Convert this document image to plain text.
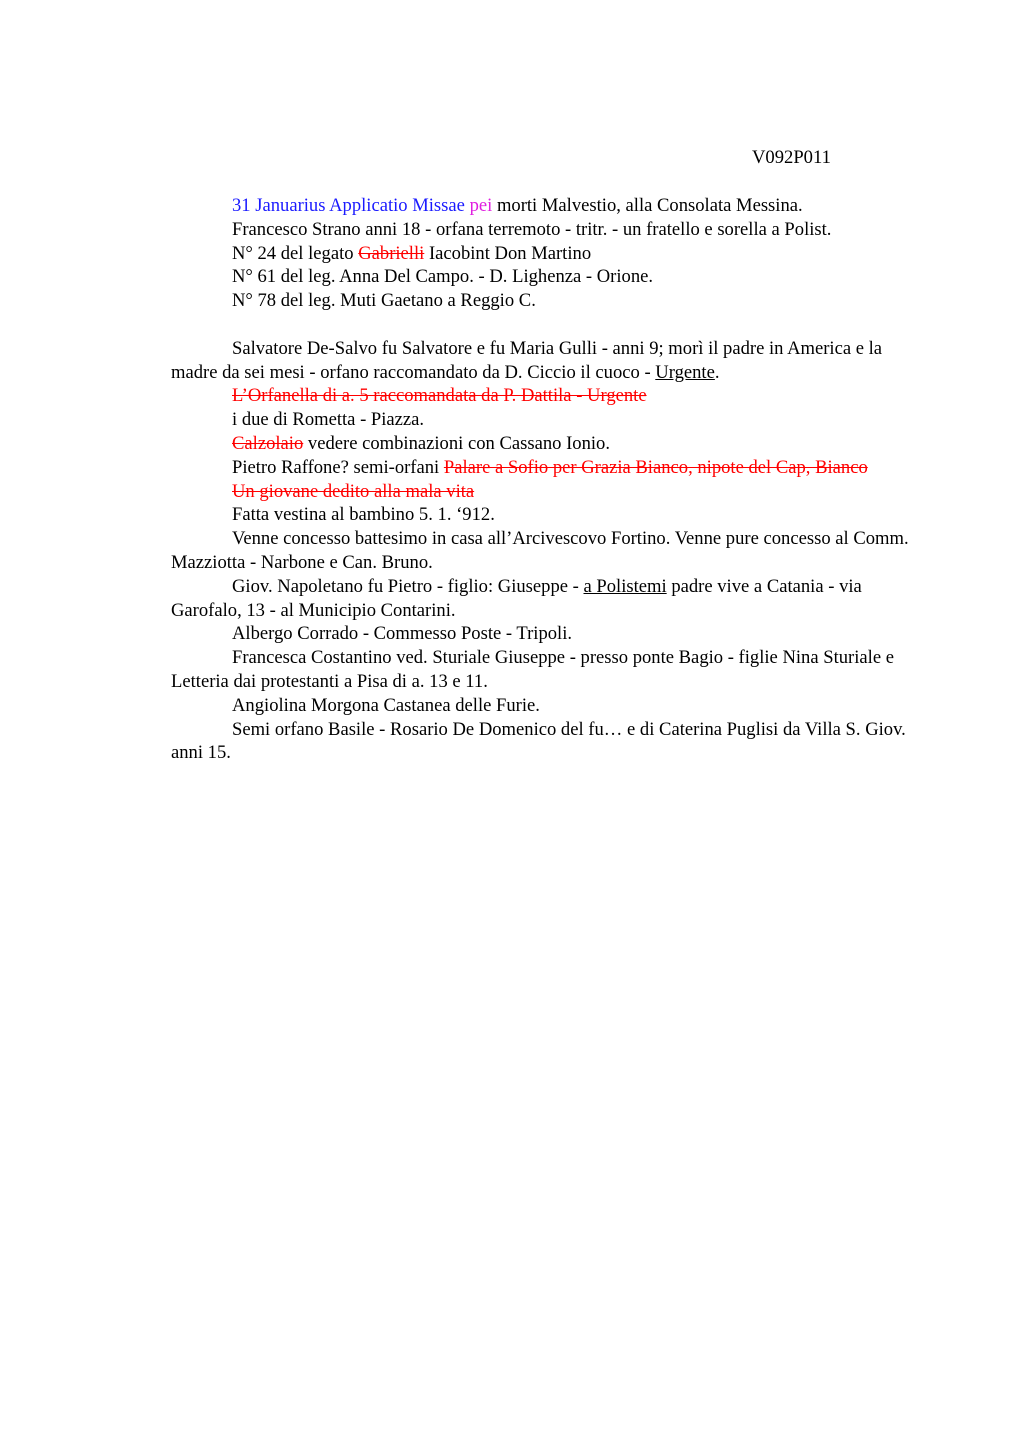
V092P011

31 Januarius Applicatio Missae pei morti Malvestio, alla Consolata Messina.

Francesco Strano anni 18 - orfana terremoto - tritr. - un fratello e sorella a Polist.

N° 24 del legato Gabrielli Iacobint Don Martino

N° 61 del leg. Anna Del Campo. - D. Lighenza - Orione.

N° 78 del leg. Muti Gaetano a Reggio C.

Salvatore De-Salvo fu Salvatore e fu Maria Gulli - anni 9; morì il padre in America e la madre da sei mesi - orfano raccomandato da D. Ciccio il cuoco - Urgente.

L’Orfanella di a. 5 raccomandata da P. Dattila - Urgente

i due di Rometta - Piazza.

Calzolaio vedere combinazioni con Cassano Ionio.

Pietro Raffone? semi-orfani Palare a Sofio per Grazia Bianco, nipote del Cap, Bianco

Un giovane dedito alla mala vita

Fatta vestina al bambino 5. 1. ‘912.

Venne concesso battesimo in casa all’Arcivescovo Fortino. Venne pure concesso al Comm. Mazziotta - Narbone e Can. Bruno.

Giov. Napoletano fu Pietro - figlio: Giuseppe - a Polistemi padre vive a Catania - via Garofalo, 13 - al Municipio Contarini.

Albergo Corrado - Commesso Poste - Tripoli.

Francesca Costantino ved. Sturiale Giuseppe - presso ponte Bagio - figlie Nina Sturiale e Letteria dai protestanti a Pisa di a. 13 e 11.

Angiolina Morgona Castanea delle Furie.

Semi orfano Basile - Rosario De Domenico del fu… e di Caterina Puglisi da Villa S. Giov. anni 15.
